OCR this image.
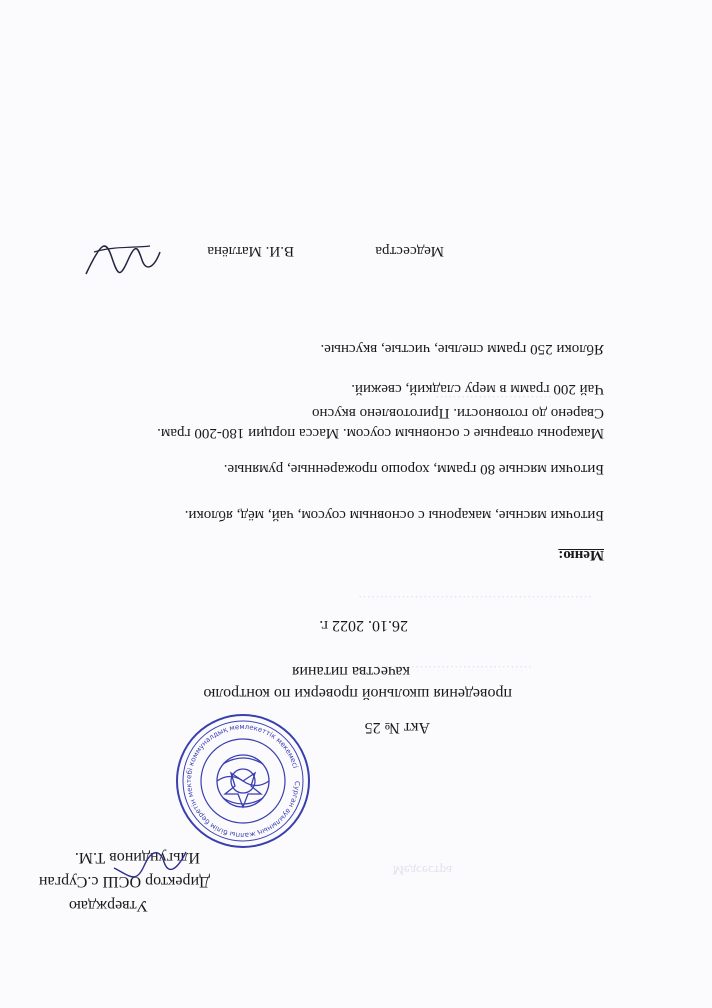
Медсестра
………………………………
………………………………………………
………………………
Утверждаю
Директор ОСШ с.Сурган
Ильгундинов Т.М.
Сурган ауылының жалпы білім беретін мектебі коммуналдық мемлекеттік мекемесі
Акт № 25
проведения школьной проверки по контролю
качества питания
26.10. 2022 г.
Меню:
Битoчки мясные, макароны с основным соусом, чай, мёд, яблоки.
Битoчки мясные 80 грамм, хорошо прожаренные, румяные.
Макароны отварные с основным соусом. Масса порции 180-200 грам.
Сварено до готовности. Приготовлено вкусно
Чай 200 грамм в меру сладкий, свежий.
Яблоки 250 грамм спелые, чистые, вкусные.
Медсестра
В.И. Матлёна
